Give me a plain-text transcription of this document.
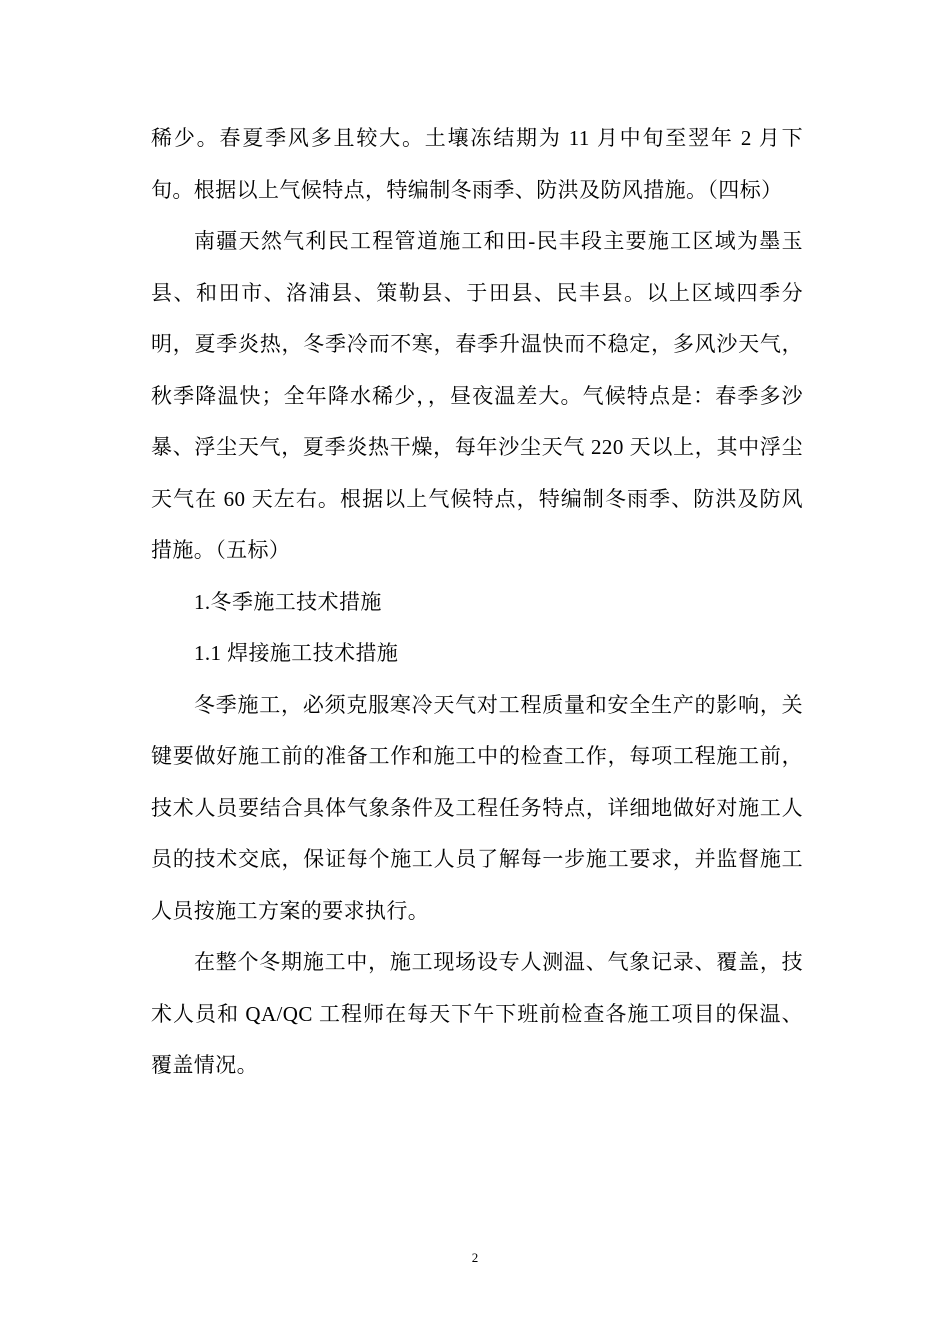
稀少。春夏季风多且较大。土壤冻结期为 11 月中旬至翌年 2 月下旬。根据以上气候特点，特编制冬雨季、防洪及防风措施。（四标）

南疆天然气利民工程管道施工和田-民丰段主要施工区域为墨玉县、和田市、洛浦县、策勒县、于田县、民丰县。以上区域四季分明，夏季炎热，冬季冷而不寒，春季升温快而不稳定，多风沙天气，秋季降温快；全年降水稀少，，昼夜温差大。气候特点是：春季多沙暴、浮尘天气，夏季炎热干燥，每年沙尘天气 220 天以上，其中浮尘天气在 60 天左右。根据以上气候特点，特编制冬雨季、防洪及防风措施。（五标）

1.冬季施工技术措施

1.1 焊接施工技术措施

冬季施工，必须克服寒冷天气对工程质量和安全生产的影响，关键要做好施工前的准备工作和施工中的检查工作，每项工程施工前，技术人员要结合具体气象条件及工程任务特点，详细地做好对施工人员的技术交底，保证每个施工人员了解每一步施工要求，并监督施工人员按施工方案的要求执行。

在整个冬期施工中，施工现场设专人测温、气象记录、覆盖，技术人员和 QA/QC 工程师在每天下午下班前检查各施工项目的保温、覆盖情况。

2
